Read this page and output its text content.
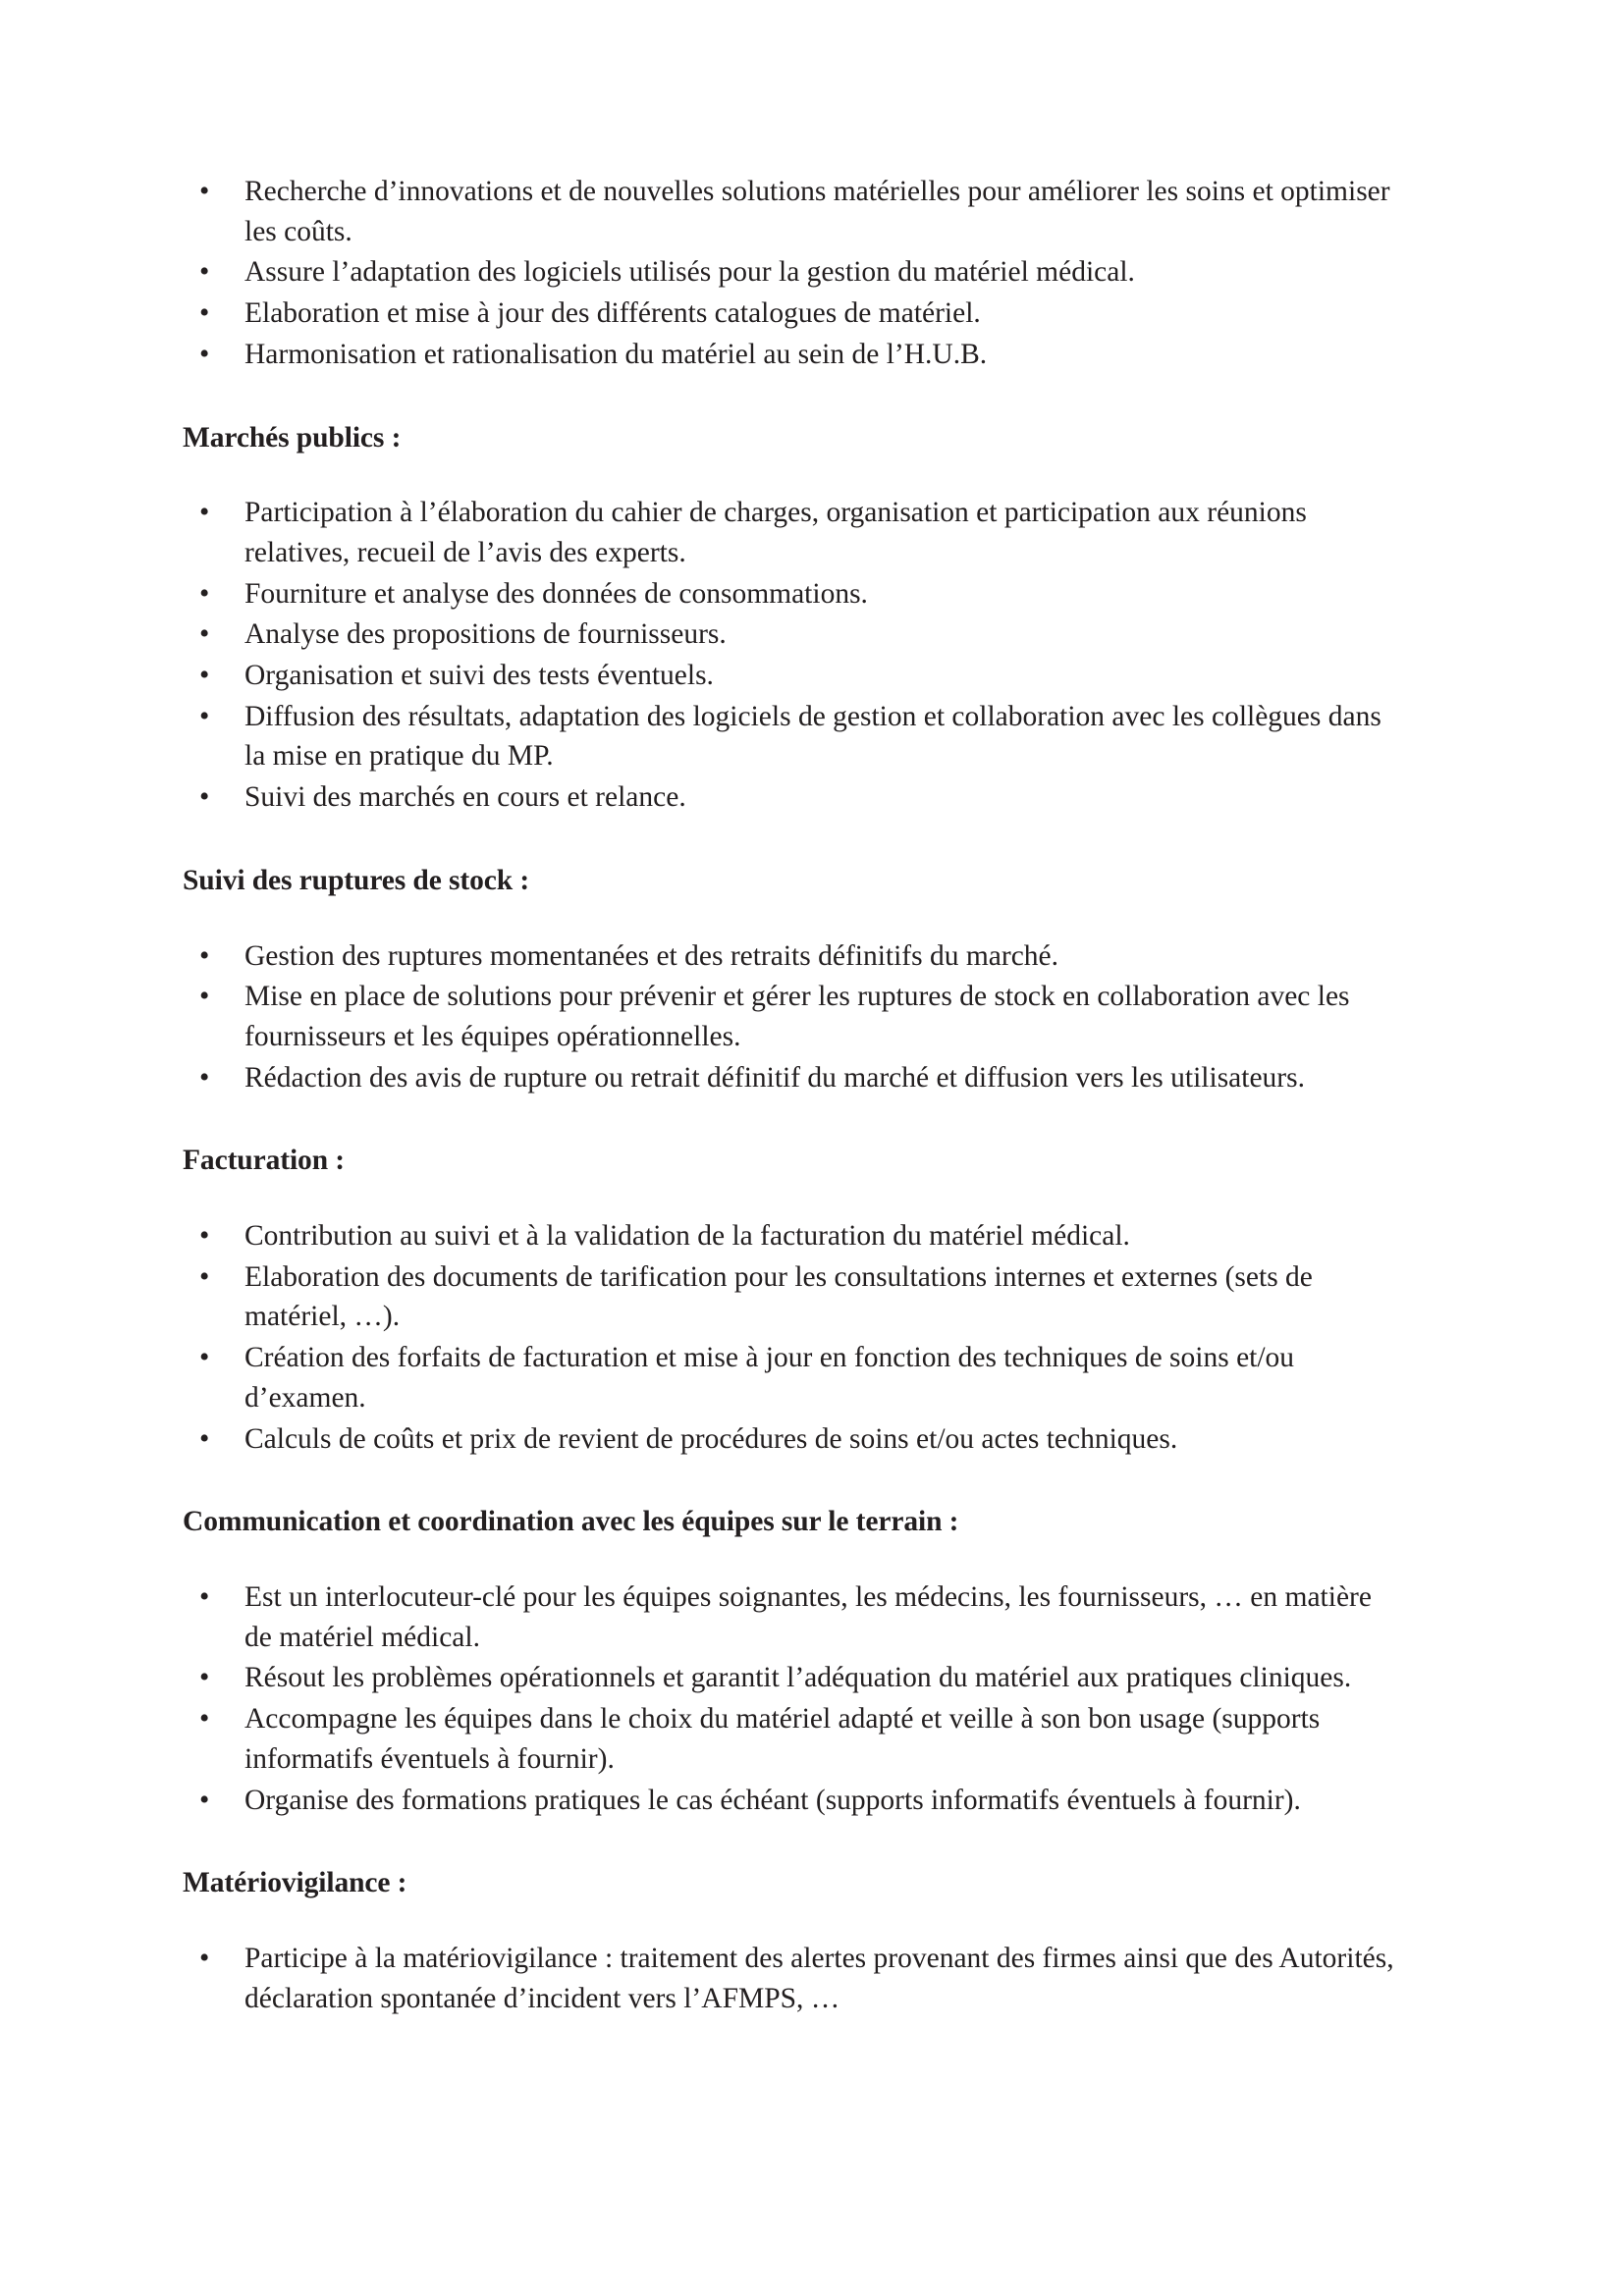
• Recherche d’innovations et de nouvelles solutions matérielles pour améliorer les soins et optimiser les coûts.
• Assure l’adaptation des logiciels utilisés pour la gestion du matériel médical.
• Elaboration et mise à jour des différents catalogues de matériel.
• Harmonisation et rationalisation du matériel au sein de l’H.U.B.
Marchés publics :
• Participation à l’élaboration du cahier de charges, organisation et participation aux réunions relatives, recueil de l’avis des experts.
• Fourniture et analyse des données de consommations.
• Analyse des propositions de fournisseurs.
• Organisation et suivi des tests éventuels.
• Diffusion des résultats, adaptation des logiciels de gestion et collaboration avec les collègues dans la mise en pratique du MP.
• Suivi des marchés en cours et relance.
Suivi des ruptures de stock :
• Gestion des ruptures momentanées et des retraits définitifs du marché.
• Mise en place de solutions pour prévenir et gérer les ruptures de stock en collaboration avec les fournisseurs et les équipes opérationnelles.
• Rédaction des avis de rupture ou retrait définitif du marché et diffusion vers les utilisateurs.
Facturation :
• Contribution au suivi et à la validation de la facturation du matériel médical.
• Elaboration des documents de tarification pour les consultations internes et externes (sets de matériel, …).
• Création des forfaits de facturation et mise à jour en fonction des techniques de soins et/ou d’examen.
• Calculs de coûts et prix de revient de procédures de soins et/ou actes techniques.
Communication et coordination avec les équipes sur le terrain :
• Est un interlocuteur-clé pour les équipes soignantes, les médecins, les fournisseurs, … en matière de matériel médical.
• Résout les problèmes opérationnels et garantit l’adéquation du matériel aux pratiques cliniques.
• Accompagne les équipes dans le choix du matériel adapté et veille à son bon usage (supports informatifs éventuels à fournir).
• Organise des formations pratiques le cas échéant (supports informatifs éventuels à fournir).
Matériovigilance :
• Participe à la matériovigilance : traitement des alertes provenant des firmes ainsi que des Autorités, déclaration spontanée d’incident vers l’AFMPS, …
